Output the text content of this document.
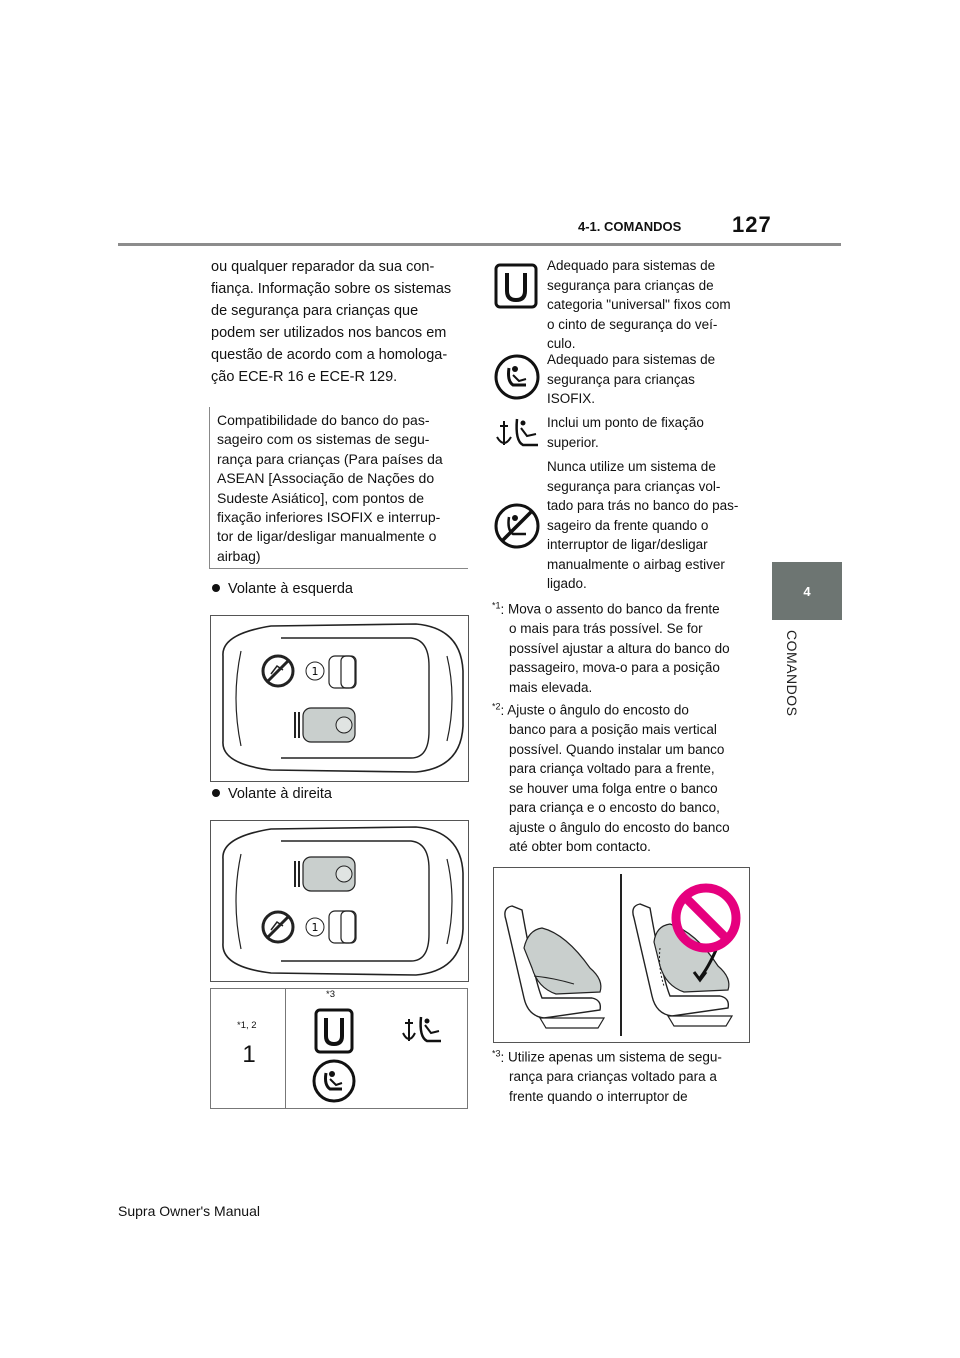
127
4-1. COMANDOS
4
COMANDOS

ou qualquer reparador da sua con-

fiança. Informação sobre os sistemas

de segurança para crianças que

podem ser utilizados nos bancos em

questão de acordo com a homologa-

ção ECE-R 16 e ECE-R 129.

Compatibilidade do banco do pas-
sageiro com os sistemas de segu-
rança para crianças (Para países da
ASEAN [Associação de Nações do
Sudeste Asiático], com pontos de
fixação inferiores ISOFIX e interrup-
tor de ligar/desligar manualmente o
airbag)
Volante à esquerda
1
Volante à direita
1
*1, 2
1
*3
Adequado para sistemas de
segurança para crianças de
categoria "universal" fixos com
o cinto de segurança do veí-
culo.
Adequado para sistemas de
segurança para crianças
ISOFIX.
Inclui um ponto de fixação
superior.
Nunca utilize um sistema de
segurança para crianças vol-
tado para trás no banco do pas-
sageiro da frente quando o
interruptor de ligar/desligar
manualmente o airbag estiver
ligado.
$^{*1}$: Mova o assento do banco da frente
o mais para trás possível. Se for
possível ajustar a altura do banco do
passageiro, mova-o para a posição
mais elevada.
$^{*2}$: Ajuste o ângulo do encosto do
banco para a posição mais vertical
possível. Quando instalar um banco
para criança voltado para a frente,
se houver uma folga entre o banco
para criança e o encosto do banco,
ajuste o ângulo do encosto do banco
até obter bom contacto.
$^{*3}$: Utilize apenas um sistema de segu-
rança para crianças voltado para a
frente quando o interruptor de
Supra Owner's Manual
